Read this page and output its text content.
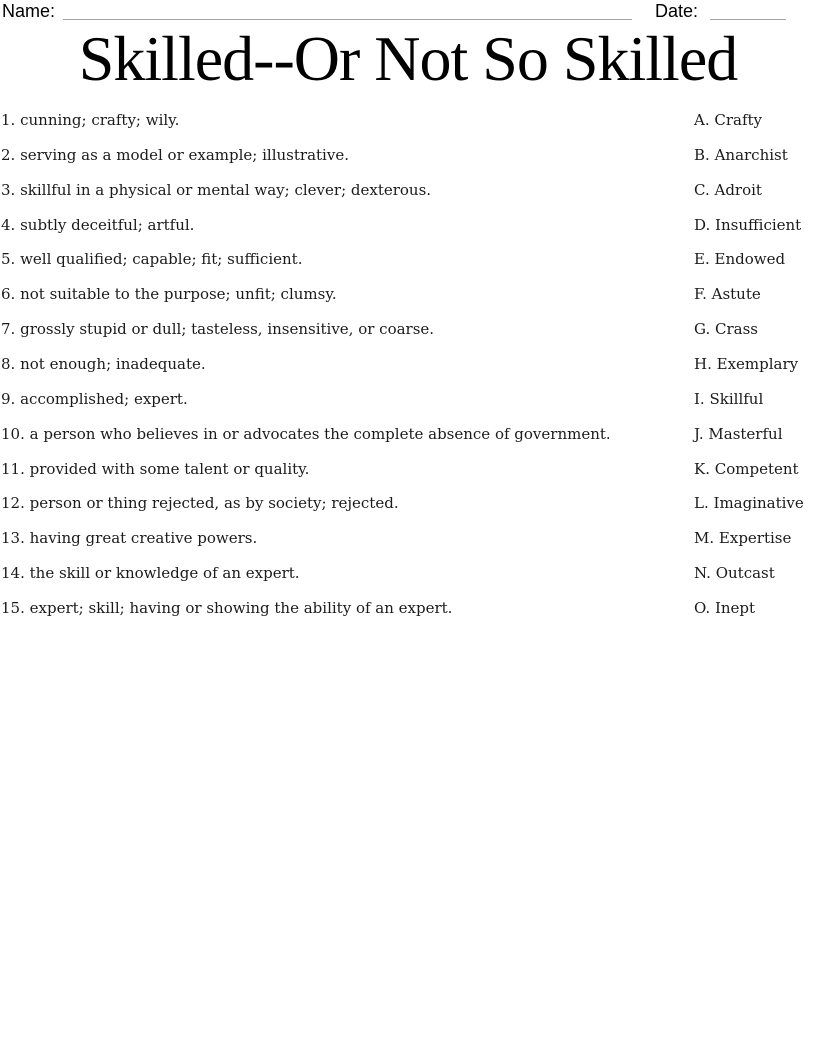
Name:	Date:
Skilled--Or Not So Skilled
1. cunning; crafty; wily.	A. Crafty
2. serving as a model or example; illustrative.	B. Anarchist
3. skillful in a physical or mental way; clever; dexterous.	C. Adroit
4. subtly deceitful; artful.	D. Insufficient
5. well qualified; capable; fit; sufficient.	E. Endowed
6. not suitable to the purpose; unfit; clumsy.	F. Astute
7. grossly stupid or dull; tasteless, insensitive, or coarse.	G. Crass
8. not enough; inadequate.	H. Exemplary
9. accomplished; expert.	I. Skillful
10. a person who believes in or advocates the complete absence of government.	J. Masterful
11. provided with some talent or quality.	K. Competent
12. person or thing rejected, as by society; rejected.	L. Imaginative
13. having great creative powers.	M. Expertise
14. the skill or knowledge of an expert.	N. Outcast
15. expert; skill; having or showing the ability of an expert.	O. Inept
